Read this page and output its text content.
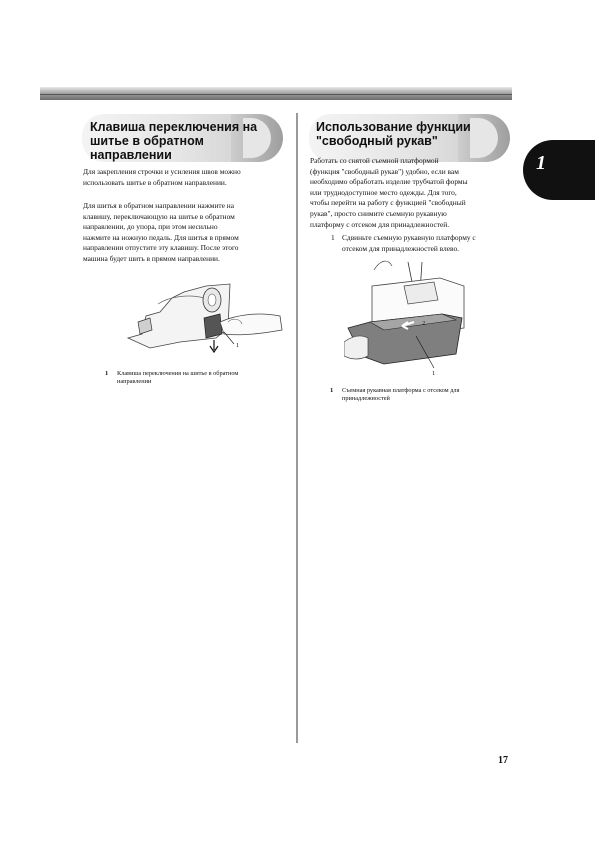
1
Клавиша переключения на
шитье в обратном
направлении
Для закрепления строчки и усиления швов можно
использовать шитье в обратном направлении.
Для шитья в обратном направлении нажмите на
клавишу, переключающую на шитье в обратном
направлении, до упора, при этом несильно
нажмите на ножную педаль. Для шитья в прямом
направлении отпустите эту клавишу. После этого
машина будет шить в прямом направлении.
1
1 Клавиша переключения на шитье в обратном
направлении
Использование функции
"свободный рукав"
Работать со снятой съемной платформой
(функция "свободный рукав") удобно, если вам
необходимо обработать изделие трубчатой формы
или труднодоступное место одежды. Для того,
чтобы перейти на работу с функцией "свободный
рукав", просто снимите съемную рукавную
платформу с отсеком для принадлежностей.
1 Сдвиньте съемную рукавную платформу с
отсеком для принадлежностей влево.
2
1
1 Съемная рукавная платформа с отсеком для
принадлежностей
17
